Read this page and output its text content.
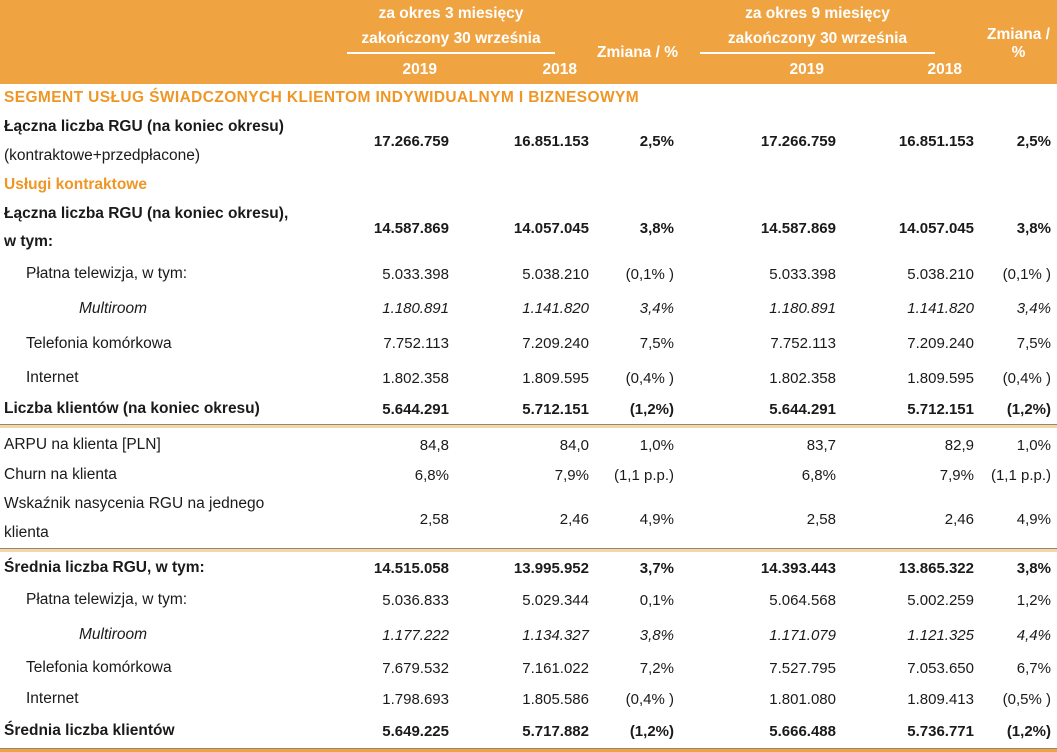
	za okres 3 miesięcy		Zmiana / %	za okres 9 miesięcy		Zmiana / %

	zakończony 30 września			zakończony 30 września		

	2019	2018		2019	2018	
SEGMENT USŁUG ŚWIADCZONYCH KLIENTOM INDYWIDUALNYM I BIZNESOWYM						

Łączna liczba RGU (na koniec okresu)
(kontraktowe+przedpłacone)	17.266.759	16.851.153	2,5%	17.266.759	16.851.153	2,5%
Usługi kontraktowe						

Łączna liczba RGU (na koniec okresu),
w tym:	14.587.869	14.057.045	3,8%	14.587.869	14.057.045	3,8%
Płatna telewizja, w tym:	5.033.398	5.038.210	(0,1% )	5.033.398	5.038.210	(0,1% )
Multiroom	1.180.891	1.141.820	3,4%	1.180.891	1.141.820	3,4%
Telefonia komórkowa	7.752.113	7.209.240	7,5%	7.752.113	7.209.240	7,5%
Internet	1.802.358	1.809.595	(0,4% )	1.802.358	1.809.595	(0,4% )
Liczba klientów (na koniec okresu)	5.644.291	5.712.151	(1,2%)	5.644.291	5.712.151	(1,2%)

ARPU na klienta [PLN]	84,8	84,0	1,0%	83,7	82,9	1,0%
Churn na klienta	6,8%	7,9%	(1,1 p.p.)	6,8%	7,9%	(1,1 p.p.)

Wskaźnik nasycenia RGU na jednego
klienta	2,58	2,46	4,9%	2,58	2,46	4,9%

Średnia liczba RGU, w tym:	14.515.058	13.995.952	3,7%	14.393.443	13.865.322	3,8%
Płatna telewizja, w tym:	5.036.833	5.029.344	0,1%	5.064.568	5.002.259	1,2%
Multiroom	1.177.222	1.134.327	3,8%	1.171.079	1.121.325	4,4%
Telefonia komórkowa	7.679.532	7.161.022	7,2%	7.527.795	7.053.650	6,7%
Internet	1.798.693	1.805.586	(0,4% )	1.801.080	1.809.413	(0,5% )
Średnia liczba klientów	5.649.225	5.717.882	(1,2%)	5.666.488	5.736.771	(1,2%)
